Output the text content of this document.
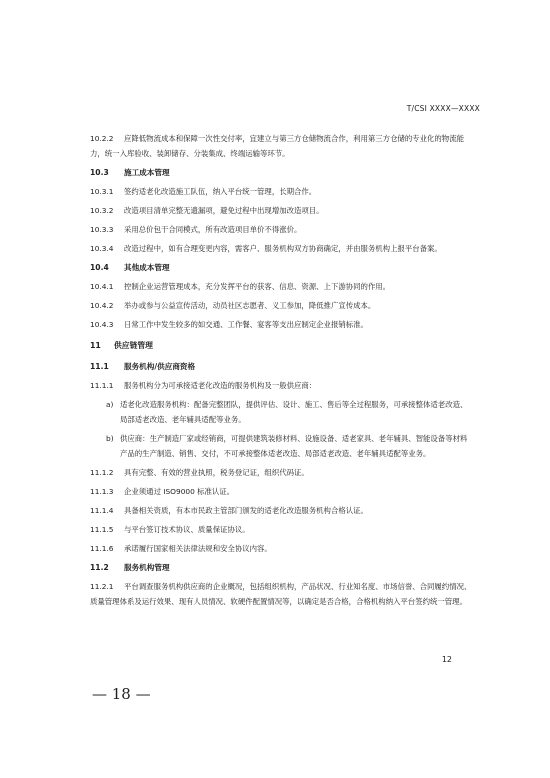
T/CSI XXXX—XXXX
10.2.2 应降低物流成本和保障一次性交付率，宜建立与第三方仓储物流合作，利用第三方仓储的专业化的物流能力，统一入库验收、装卸储存、分装集成、终端运输等环节。
10.3 施工成本管理
10.3.1 签约适老化改造施工队伍，纳入平台统一管理，长期合作。
10.3.2 改造项目清单完整无遗漏项，避免过程中出现增加改造项目。
10.3.3 采用总价包干合同模式，所有改造项目单价不得涨价。
10.3.4 改造过程中，如有合理变更内容，需客户、服务机构双方协商确定，并由服务机构上报平台备案。
10.4 其他成本管理
10.4.1 控制企业运营管理成本，充分发挥平台的获客、信息、资源、上下游协同的作用。
10.4.2 举办或参与公益宣传活动，动员社区志愿者、义工参加，降低推广宣传成本。
10.4.3 日常工作中发生较多的如交通、工作餐、宴客等支出应制定企业报销标准。
11 供应链管理
11.1 服务机构/供应商资格
11.1.1 服务机构分为可承接适老化改造的服务机构及一般供应商：
a) 适老化改造服务机构：配备完整团队，提供评估、设计、施工、售后等全过程服务，可承接整体适老改造、局部适老改造、老年辅具适配等业务。
b) 供应商：生产制造厂家或经销商，可提供建筑装修材料、设施设备、适老家具、老年辅具、智能设备等材料产品的生产制造、销售、交付，不可承接整体适老改造、局部适老改造、老年辅具适配等业务。
11.1.2 具有完整、有效的营业执照，税务登记证，组织代码证。
11.1.3 企业须通过 ISO9000 标准认证。
11.1.4 具备相关资质，有本市民政主管部门颁发的适老化改造服务机构合格认证。
11.1.5 与平台签订技术协议、质量保证协议。
11.1.6 承诺履行国家相关法律法规和安全协议内容。
11.2 服务机构管理
11.2.1 平台调查服务机构供应商的企业概况，包括组织机构，产品状况、行业知名度、市场信誉、合同履约情况、质量管理体系及运行效果、现有人员情况、软硬件配置情况等，以确定是否合格，合格机构纳入平台签约统一管理。
12
— 18 —
